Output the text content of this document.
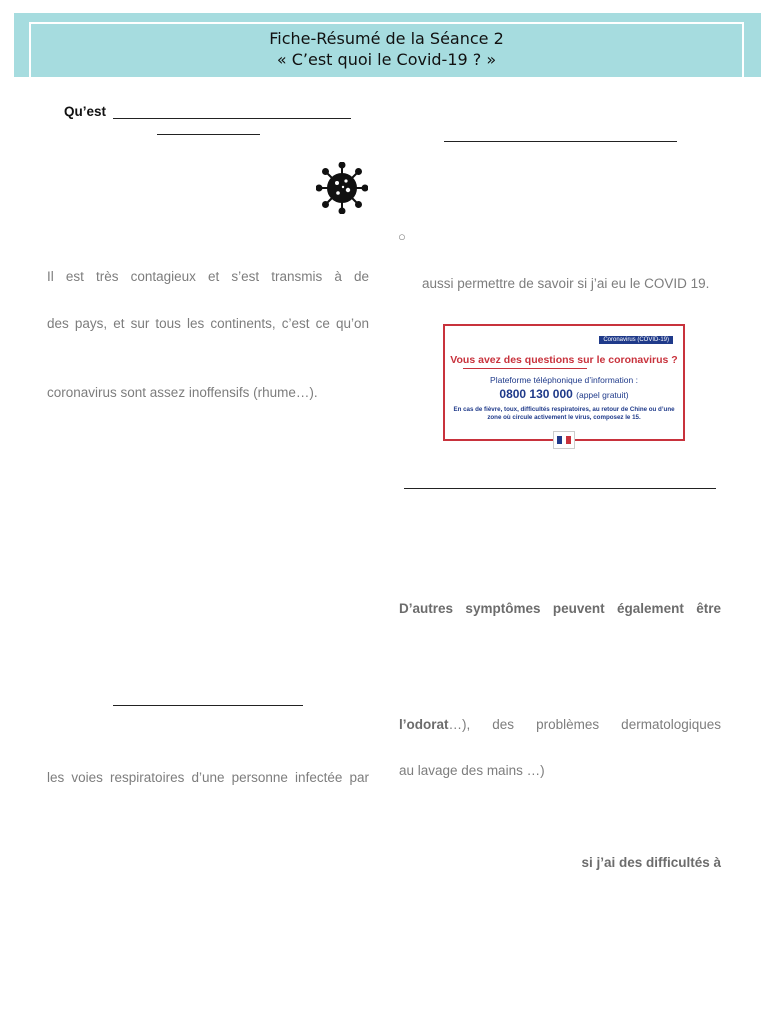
Fiche-Résumé de la Séance 2
« C’est quoi le Covid-19 ? »
Qu’est
Il est très contagieux et s’est transmis à de
des pays, et sur tous les continents, c’est ce qu’on
coronavirus sont assez inoffensifs (rhume…).
les voies respiratoires d’une personne infectée par
○
aussi permettre de savoir si j’ai eu le COVID 19.
Coronavirus (COVID-19)
Vous avez des questions sur le coronavirus ?
Plateforme téléphonique d’information :
0800 130 000 (appel gratuit)
En cas de fièvre, toux, difficultés respiratoires, au retour de Chine ou d’une zone où circule activement le virus, composez le 15.
D’autres symptômes peuvent également être
l’odorat…), des problèmes dermatologiques
au lavage des mains …)
si j’ai des difficultés à
